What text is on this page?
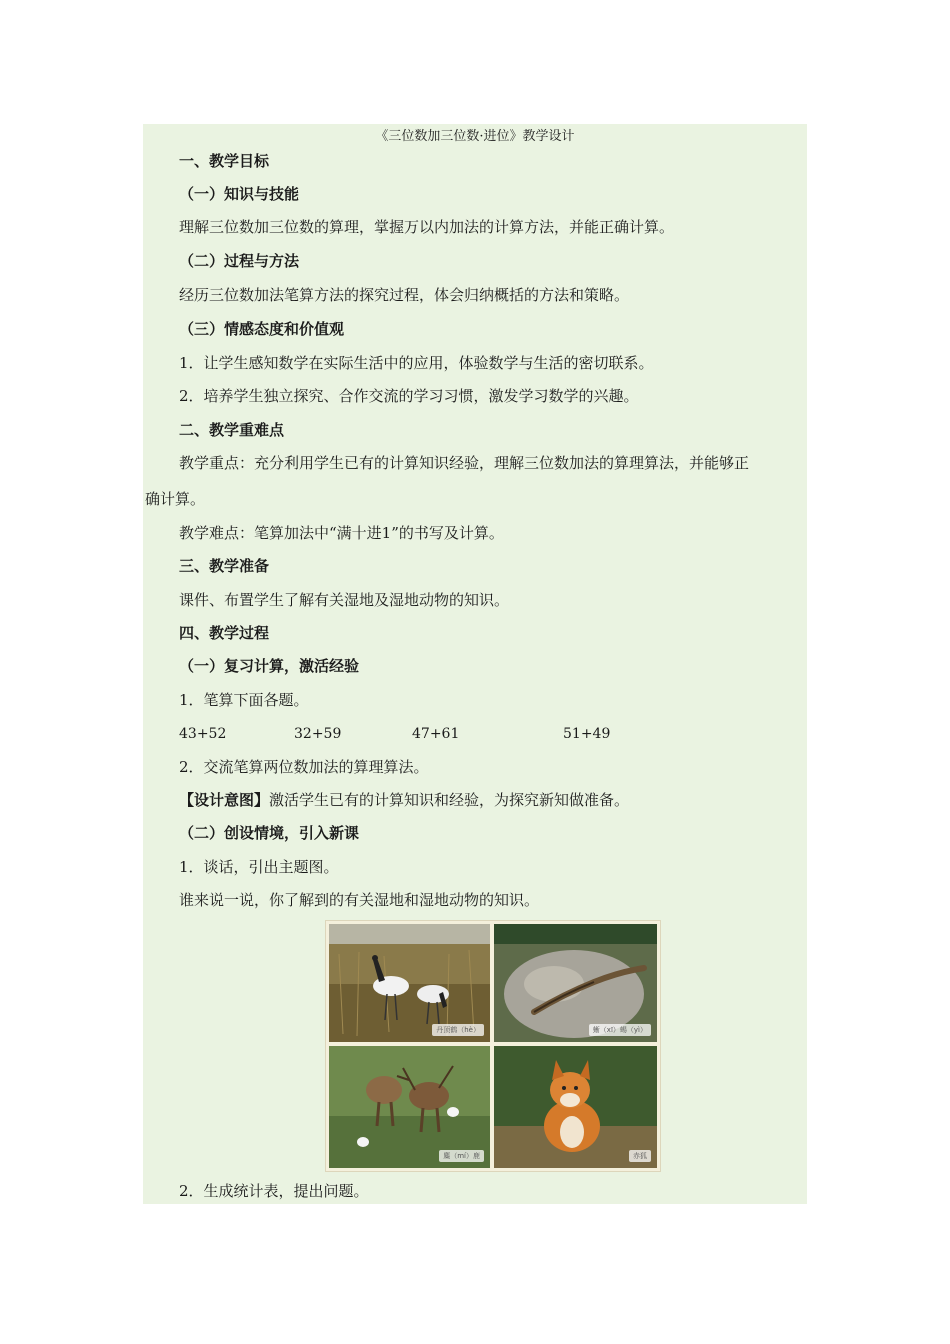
《三位数加三位数·进位》教学设计
一、教学目标
（一）知识与技能
理解三位数加三位数的算理，掌握万以内加法的计算方法，并能正确计算。
（二）过程与方法
经历三位数加法笔算方法的探究过程，体会归纳概括的方法和策略。
（三）情感态度和价值观
1．让学生感知数学在实际生活中的应用，体验数学与生活的密切联系。
2．培养学生独立探究、合作交流的学习习惯，激发学习数学的兴趣。
二、教学重难点
教学重点：充分利用学生已有的计算知识经验，理解三位数加法的算理算法，并能够正
确计算。
教学难点：笔算加法中“满十进1”的书写及计算。
三、教学准备
课件、布置学生了解有关湿地及湿地动物的知识。
四、教学过程
（一）复习计算，激活经验
1．笔算下面各题。
43+52	32+59	47+61	51+49
2．交流笔算两位数加法的算理算法。
【设计意图】激活学生已有的计算知识和经验，为探究新知做准备。
（二）创设情境，引入新课
1．谈话，引出主题图。
谁来说一说，你了解到的有关湿地和湿地动物的知识。
丹顶鹤（hè）	蜥（xī）蜴（yì）
麋（mí）鹿	赤狐
2．生成统计表，提出问题。
